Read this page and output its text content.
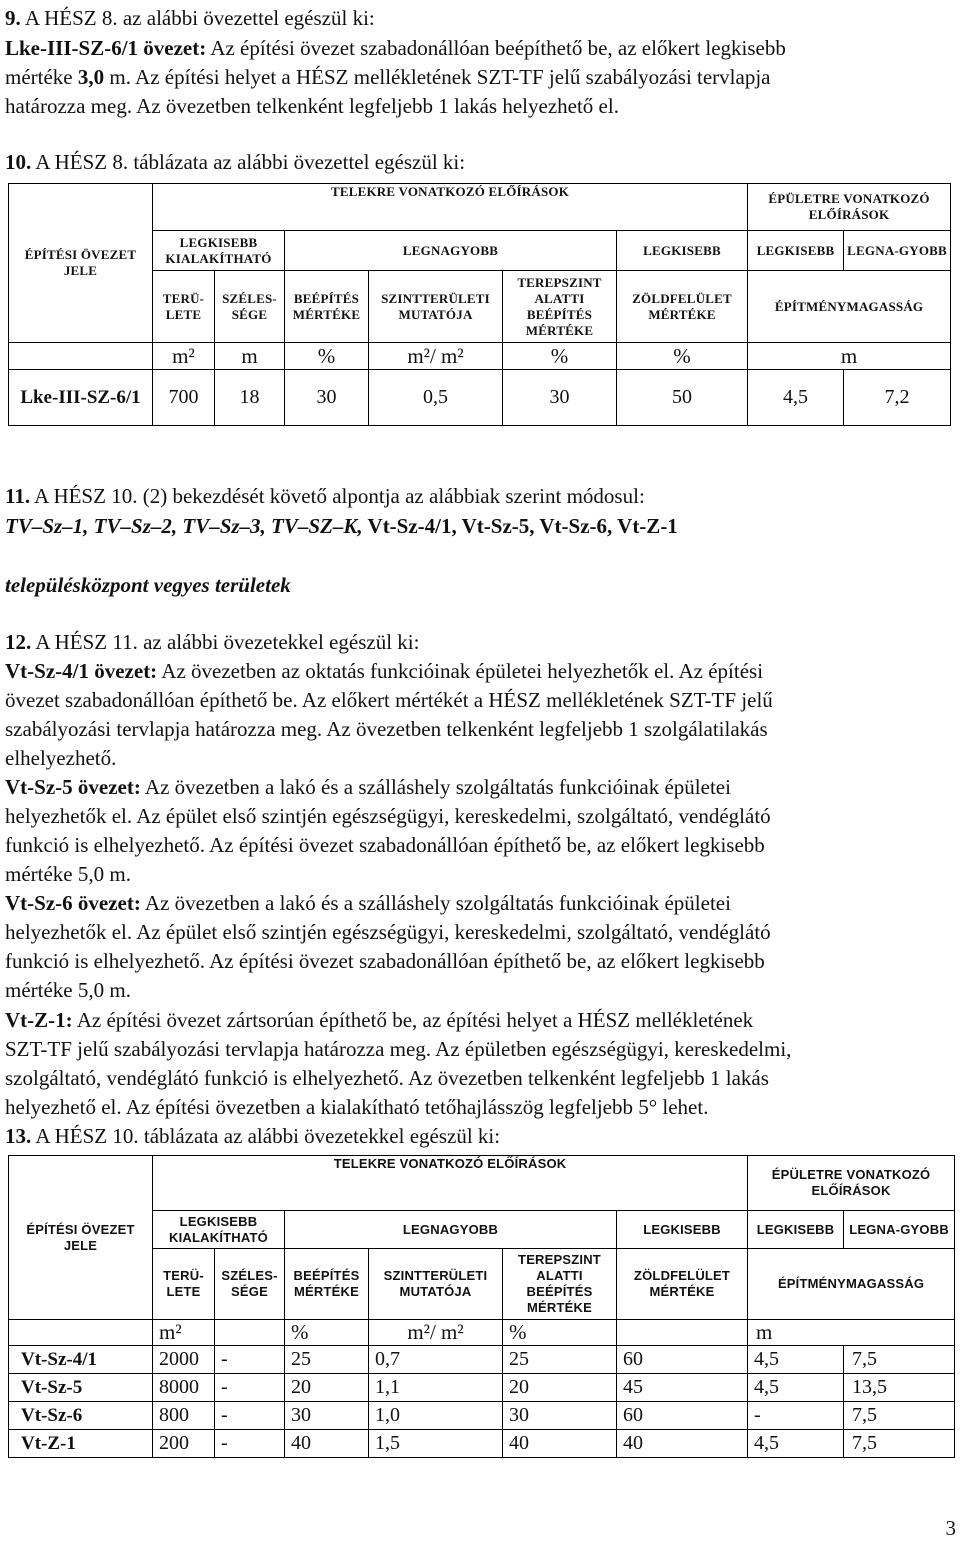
9. A HÉSZ 8. az alábbi övezettel egészül ki:
Lke-III-SZ-6/1 övezet: Az építési övezet szabadonállóan beépíthető be, az előkert legkisebb
mértéke 3,0 m. Az építési helyet a HÉSZ mellékletének SZT-TF jelű szabályozási tervlapja
határozza meg. Az övezetben telkenként legfeljebb 1 lakás helyezhető el.
10. A HÉSZ 8. táblázata az alábbi övezettel egészül ki:
ÉPÍTÉSI ÖVEZET JELE	TELEKRE VONATKOZÓ ELŐÍRÁSOK						ÉPÜLETRE VONATKOZÓ ELŐÍRÁSOK	
	LEGKISEBB KIALAKÍTHATÓ		LEGNAGYOBB			LEGKISEBB	LEGKISEBB	LEGNA-GYOBB
	TERÜ-LETE	SZÉLES-SÉGE	BEÉPÍTÉS MÉRTÉKE	SZINTTERÜLETI MUTATÓJA	TEREPSZINT ALATTI BEÉPÍTÉS MÉRTÉKE	ZÖLDFELÜLET MÉRTÉKE	ÉPÍTMÉNYMAGASSÁG	
	m²	m	%	m²/ m²	%	%	m	
Lke-III-SZ-6/1	700	18	30	0,5	30	50	4,5	7,2
11. A HÉSZ 10. (2) bekezdését követő alpontja az alábbiak szerint módosul:
TV–Sz–1, TV–Sz–2, TV–Sz–3, TV–SZ–K, Vt-Sz-4/1, Vt-Sz-5, Vt-Sz-6, Vt-Z-1
településközpont vegyes területek
12. A HÉSZ 11. az alábbi övezetekkel egészül ki:
Vt-Sz-4/1 övezet: Az övezetben az oktatás funkcióinak épületei helyezhetők el. Az építési
övezet szabadonállóan építhető be. Az előkert mértékét a HÉSZ mellékletének SZT-TF jelű
szabályozási tervlapja határozza meg. Az övezetben telkenként legfeljebb 1 szolgálatilakás
elhelyezhető.
Vt-Sz-5 övezet: Az övezetben a lakó és a szálláshely szolgáltatás funkcióinak épületei
helyezhetők el. Az épület első szintjén egészségügyi, kereskedelmi, szolgáltató, vendéglátó
funkció is elhelyezhető. Az építési övezet szabadonállóan építhető be, az előkert legkisebb
mértéke 5,0 m.
Vt-Sz-6 övezet: Az övezetben a lakó és a szálláshely szolgáltatás funkcióinak épületei
helyezhetők el. Az épület első szintjén egészségügyi, kereskedelmi, szolgáltató, vendéglátó
funkció is elhelyezhető. Az építési övezet szabadonállóan építhető be, az előkert legkisebb
mértéke 5,0 m.
Vt-Z-1: Az építési övezet zártsorúan építhető be, az építési helyet a HÉSZ mellékletének
SZT-TF jelű szabályozási tervlapja határozza meg. Az épületben egészségügyi, kereskedelmi,
szolgáltató, vendéglátó funkció is elhelyezhető. Az övezetben telkenként legfeljebb 1 lakás
helyezhető el. Az építési övezetben a kialakítható tetőhajlásszög legfeljebb 5° lehet.
13. A HÉSZ 10. táblázata az alábbi övezetekkel egészül ki:
ÉPÍTÉSI ÖVEZET JELE	TELEKRE VONATKOZÓ ELŐÍRÁSOK						ÉPÜLETRE VONATKOZÓ ELŐÍRÁSOK	
	LEGKISEBB KIALAKÍTHATÓ		LEGNAGYOBB			LEGKISEBB	LEGKISEBB	LEGNA-GYOBB
	TERÜ-LETE	SZÉLES-SÉGE	BEÉPÍTÉS MÉRTÉKE	SZINTTERÜLETI MUTATÓJA	TEREPSZINT ALATTI BEÉPÍTÉS MÉRTÉKE	ZÖLDFELÜLET MÉRTÉKE	ÉPÍTMÉNYMAGASSÁG	
	m²		%	m²/ m²	%		m	
Vt-Sz-4/1	2000	-	25	0,7	25	60	4,5	7,5
Vt-Sz-5	8000	-	20	1,1	20	45	4,5	13,5
Vt-Sz-6	800	-	30	1,0	30	60	-	7,5
Vt-Z-1	200	-	40	1,5	40	40	4,5	7,5
3
